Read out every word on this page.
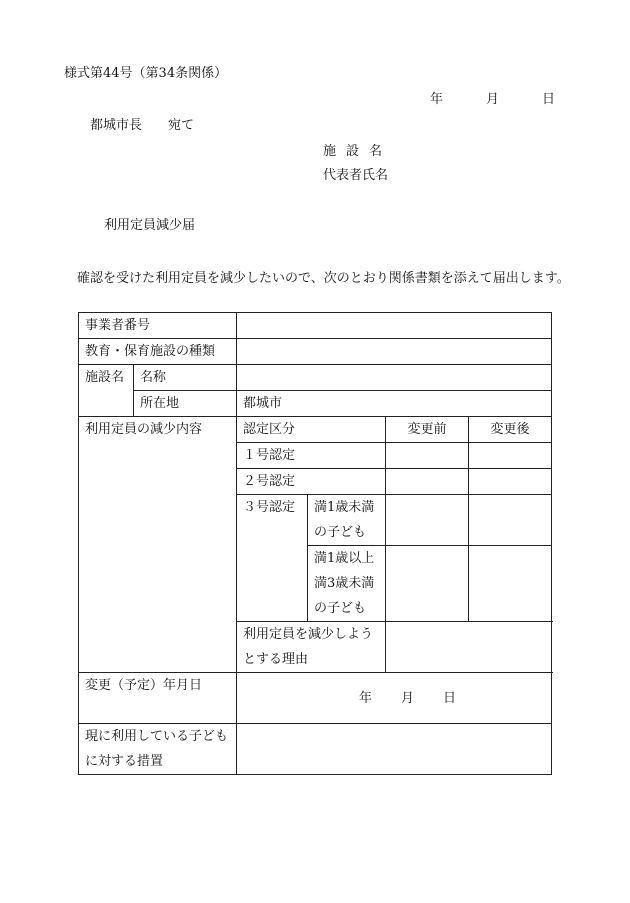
様式第44号（第34条関係）
年	月	日
都城市長 宛て
施設名
代表者氏名
利用定員減少届
確認を受けた利用定員を減少したいので、次のとおり関係書類を添えて届出します。
事業者番号					
教育・保育施設の種類					
施設名	名称				
	所在地	都城市			
利用定員の減少内容		認定区分		変更前	変更後
		１号認定			
		２号認定			
		３号認定	満1歳未満の子ども		
			満1歳以上満3歳未満の子ども		
		利用定員を減少しようとする理由			
変更（予定）年月日		年 月 日			

現に利用している子どもに対する措置					
